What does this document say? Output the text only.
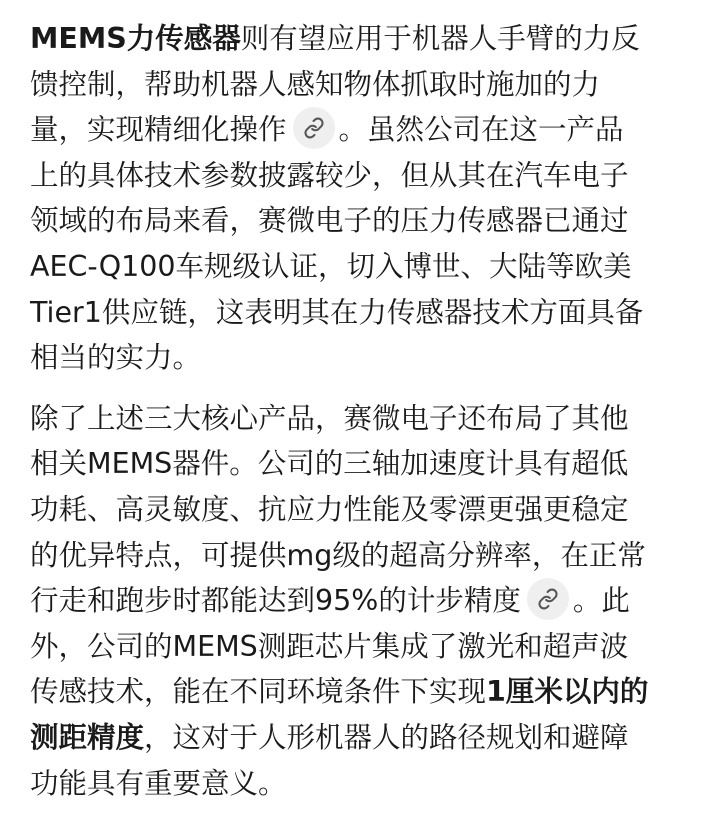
MEMS力传感器则有望应用于机器人手臂的力反
馈控制，帮助机器人感知物体抓取时施加的力
量，实现精细化操作 。虽然公司在这一产品
上的具体技术参数披露较少，但从其在汽车电子
领域的布局来看，赛微电子的压力传感器已通过
AEC-Q100车规级认证，切入博世、大陆等欧美
Tier1供应链，这表明其在力传感器技术方面具备
相当的实力。

除了上述三大核心产品，赛微电子还布局了其他
相关MEMS器件。公司的三轴加速度计具有超低
功耗、高灵敏度、抗应力性能及零漂更强更稳定
的优异特点，可提供mg级的超高分辨率，在正常
行走和跑步时都能达到95%的计步精度 。此
外，公司的MEMS测距芯片集成了激光和超声波
传感技术，能在不同环境条件下实现1厘米以内的
测距精度，这对于人形机器人的路径规划和避障
功能具有重要意义。
